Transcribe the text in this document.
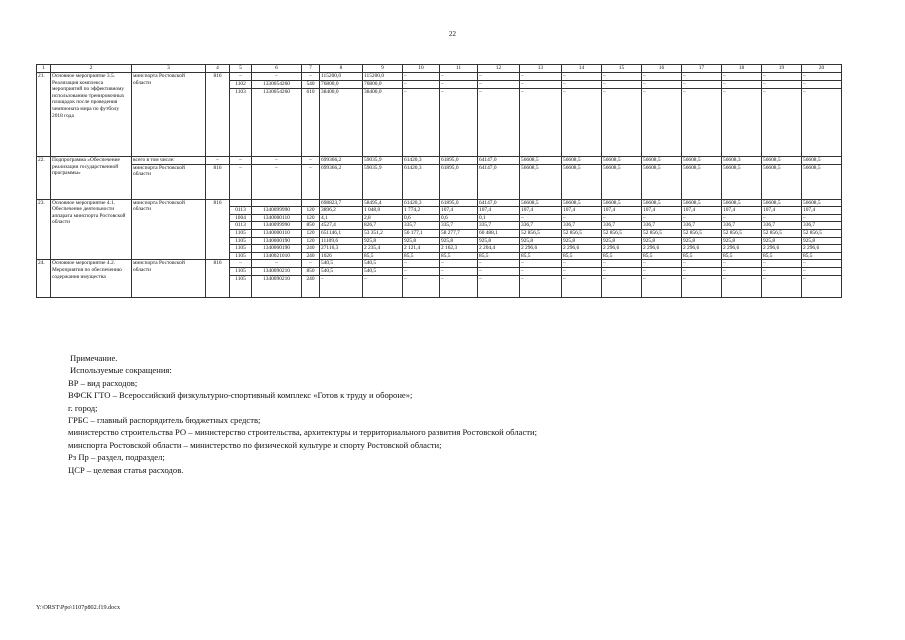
22
1	2	3	4	5	6	7	8	9	10	11	12	13	14	15	16	17	18	19	20
21.	Основное мероприятие 3.5. Реализация комплекса мероприятий по эффективному использованию тренировочных площадок после проведения чемпионата мира по футболу 2018 года	минспорта Ростовской области	816	–	–	–	115200,0	115200,0	–	–	–	–	–	–	–	–	–	–	–
				1102	1330054260	540	76800,0	76800,0	–	–	–	–	–	–	–	–	–	–	–
				1103	1330054260	610	38400,0	38400,0	–	–	–	–	–	–	–	–	–	–	–
22.	Подпрограмма «Обеспечение реализации государственной программы»	всего в том числе:	–	–	–	–	699366,2	59035,9	61420,3	61895,0	64147,0	56608,5	56608,5	56608,5	56608,5	56608,5	56608,3	56608,5	56608,5
		минспорта Ростовской области	816	–	–	–	699366,2	59035,9	61420,3	61895,0	64147,0	56608,5	56608,5	56608,5	56608,5	56608,5	56608,5	56608,5	56608,5
23.	Основное мероприятие 4.1. Обеспечение деятельности аппарата минспорта Ростовской области	минспорта Ростовской области	816				698823,7	58495,4	61420,3	61895,0	64147,0	56608,5	56608,5	56608,5	56608,5	56608,5	56608,5	56608,5	56608,5
				0113	1340099990	120	3896,2	1 048,0	1 774,2	107,4	107,4	107,4	107,4	107,4	107,4	107,4	107,4	107,4	107,4
				1004	1340000110	120	4,1	2,8	0,6	0,6	0,1	–	–	–	–	–	–	–	–
				0113	1340099990	850	4527,4	826,7	335,7	335,7	335,7	336,7	336,7	336,7	336,7	336,7	336,7	336,7	336,7
				1105	1340000110	120	651146,1	53 351,2	56 177,1	58 277,7	60 488,1	52 856,5	52 856,5	52 856,5	52 856,5	52 856,5	52 856,5	52 856,5	52 856,5
				1105	1340000190	120	11109,6	925,8	925,8	925,8	925,8	925,8	925,8	925,8	925,8	925,8	925,8	925,8	925,8
				1105	1340000190	240	27116,3	2 235,4	2 121,4	2 162,3	2 204,4	2 296,6	2 296,6	2 296,6	2 296,6	2 296,6	2 296,6	2 296,6	2 296,6
				1105	1340021010	240	1026	85,5	85,5	85,5	85,5	85,5	85,5	85,5	85,5	85,5	85,5	85,5	85,5
24.	Основное мероприятие 4.2. Мероприятия по обеспечению содержания имущества	минспорта Ростовской области	816	–	–	–	540,5	540,5	–	–	–	–	–	–	–	–	–	–	–
				1105	1340090210	850	540,5	540,5	–	–	–	–	–	–	–	–	–	–	–
				1105	1340090210	240	–	–	–	–	–	–	–	–	–	–	–	–	–
Примечание.
Используемые сокращения:
ВР – вид расходов;
ВФСК ГТО – Всероссийский физкультурно-спортивный комплекс «Готов к труду и обороне»;
г. город;
ГРБС – главный распорядитель бюджетных средств;
министерство строительства РО – министерство строительства, архитектуры и территориального развития Ростовской области;
минспорта Ростовской области – министерство по физической культуре и спорту Ростовской области;
Рз Пр – раздел, подраздел;
ЦСР – целевая статья расходов.
Y:\ORST\Ppo\1107p802.f19.docx
